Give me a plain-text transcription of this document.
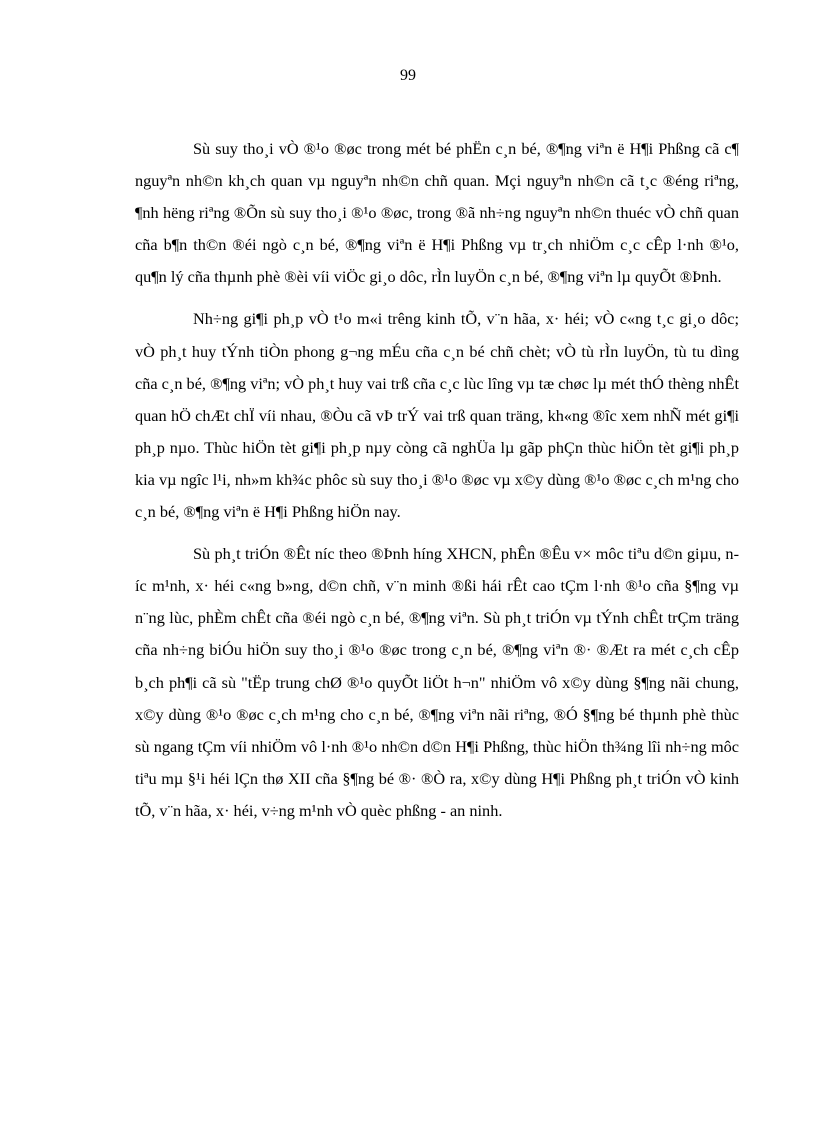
99

Sù suy tho¸i vÒ ®¹o ®øc trong mét bé phËn c¸n bé, ®¶ng viªn ë H¶i Phßng cã c¶ nguyªn nh©n kh¸ch quan vµ nguyªn nh©n chñ quan. Mçi nguyªn nh©n cã t¸c ®éng riªng, ¶nh hëng riªng ®Õn sù suy tho¸i ®¹o ®øc, trong ®ã nh÷ng nguyªn nh©n thuéc vÒ chñ quan cña b¶n th©n ®éi ngò c¸n bé, ®¶ng viªn ë H¶i Phßng vµ tr¸ch nhiÖm c¸c cÊp l·nh ®¹o, qu¶n lý cña thµnh phè ®èi víi viÖc gi¸o dôc, rÌn luyÖn c¸n bé, ®¶ng viªn lµ quyÕt ®Þnh.

Nh÷ng gi¶i ph¸p vÒ t¹o m«i trêng kinh tÕ, v¨n hãa, x· héi; vÒ c«ng t¸c gi¸o dôc; vÒ ph¸t huy tÝnh tiÒn phong g¬ng mÉu cña c¸n bé chñ chèt; vÒ tù rÌn luyÖn, tù tu dìng cña c¸n bé, ®¶ng viªn; vÒ ph¸t huy vai trß cña c¸c lùc lîng vµ tæ chøc lµ mét thÓ thèng nhÊt quan hÖ chÆt chÏ víi nhau, ®Òu cã vÞ trÝ vai trß quan träng, kh«ng ®îc xem nhÑ mét gi¶i ph¸p nµo. Thùc hiÖn tèt gi¶i ph¸p nµy còng cã nghÜa lµ gãp phÇn thùc hiÖn tèt gi¶i ph¸p kia vµ ngîc l¹i, nh»m kh¾c phôc sù suy tho¸i ®¹o ®øc vµ x©y dùng ®¹o ®øc c¸ch m¹ng cho c¸n bé, ®¶ng viªn ë H¶i Phßng hiÖn nay.

Sù ph¸t triÓn ®Êt níc theo ®Þnh híng XHCN, phÊn ®Êu v× môc tiªu d©n giµu, níc m¹nh, x· héi c«ng b»ng, d©n chñ, v¨n minh ®ßi hái rÊt cao tÇm l·nh ®¹o cña §¶ng vµ n¨ng lùc, phÈm chÊt cña ®éi ngò c¸n bé, ®¶ng viªn. Sù ph¸t triÓn vµ tÝnh chÊt trÇm träng cña nh÷ng biÓu hiÖn suy tho¸i ®¹o ®øc trong c¸n bé, ®¶ng viªn ®· ®Æt ra mét c¸ch cÊp b¸ch ph¶i cã sù "tËp trung chØ ®¹o quyÕt liÖt h¬n" nhiÖm vô x©y dùng §¶ng nãi chung, x©y dùng ®¹o ®øc c¸ch m¹ng cho c¸n bé, ®¶ng viªn nãi riªng, ®Ó §¶ng bé thµnh phè thùc sù ngang tÇm víi nhiÖm vô l·nh ®¹o nh©n d©n H¶i Phßng, thùc hiÖn th¾ng lîi nh÷ng môc tiªu mµ §¹i héi lÇn thø XII cña §¶ng bé ®· ®Ò ra, x©y dùng H¶i Phßng ph¸t triÓn vÒ kinh tÕ, v¨n hãa, x· héi, v÷ng m¹nh vÒ quèc phßng - an ninh.
